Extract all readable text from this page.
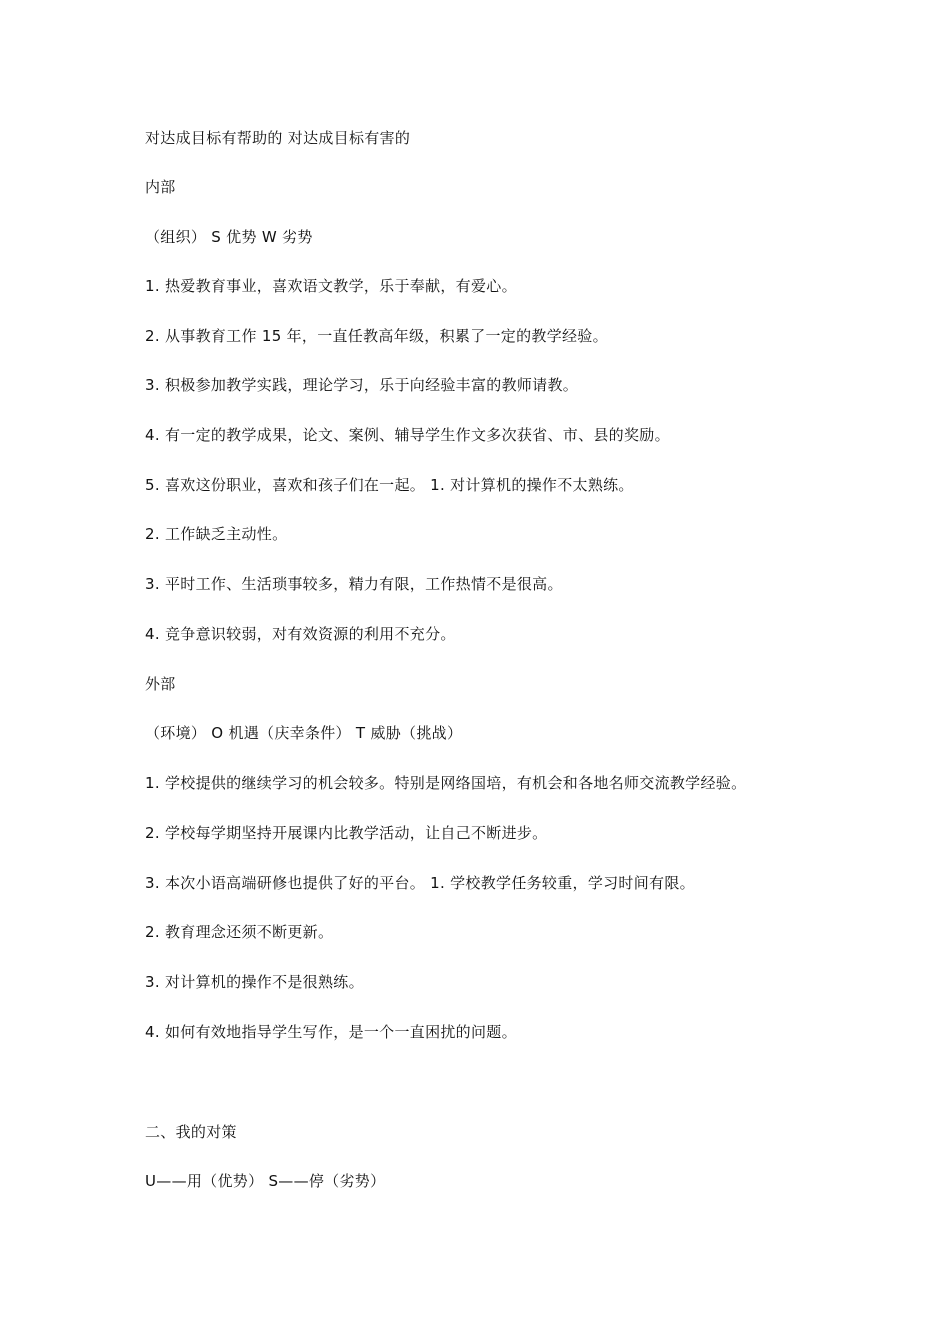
对达成目标有帮助的 对达成目标有害的
内部
（组织） S 优势 W 劣势
1. 热爱教育事业，喜欢语文教学，乐于奉献，有爱心。
2. 从事教育工作 15 年，一直任教高年级，积累了一定的教学经验。
3. 积极参加教学实践，理论学习，乐于向经验丰富的教师请教。
4. 有一定的教学成果，论文、案例、辅导学生作文多次获省、市、县的奖励。
5. 喜欢这份职业，喜欢和孩子们在一起。 1. 对计算机的操作不太熟练。
2. 工作缺乏主动性。
3. 平时工作、生活琐事较多，精力有限，工作热情不是很高。
4. 竞争意识较弱，对有效资源的利用不充分。
外部
（环境） O 机遇（庆幸条件） T 威胁（挑战）
1. 学校提供的继续学习的机会较多。特别是网络国培，有机会和各地名师交流教学经验。
2. 学校每学期坚持开展课内比教学活动，让自己不断进步。
3. 本次小语高端研修也提供了好的平台。 1. 学校教学任务较重，学习时间有限。
2. 教育理念还须不断更新。
3. 对计算机的操作不是很熟练。
4. 如何有效地指导学生写作，是一个一直困扰的问题。
二、我的对策
U——用（优势） S——停（劣势）
